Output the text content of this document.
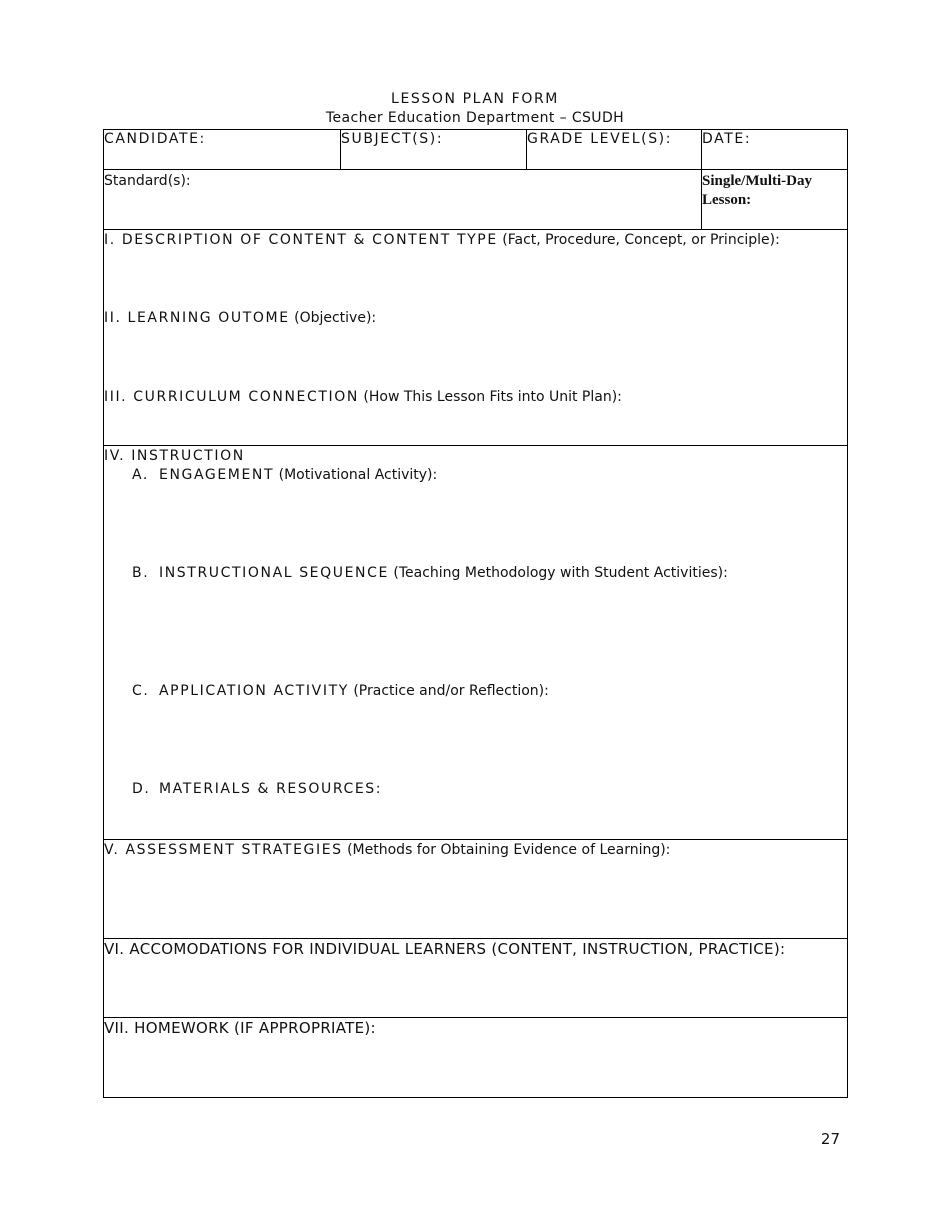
LESSON PLAN FORM
Teacher Education Department – CSUDH
CANDIDATE:	SUBJECT(S):	GRADE LEVEL(S):	DATE:
Standard(s):			Single/Multi-Day Lesson:

I. DESCRIPTION OF CONTENT & CONTENT TYPE (Fact, Procedure, Concept, or Principle):
II. LEARNING OUTOME (Objective):
III. CURRICULUM CONNECTION (How This Lesson Fits into Unit Plan):			

IV. INSTRUCTION
A. ENGAGEMENT (Motivational Activity):
B. INSTRUCTIONAL SEQUENCE (Teaching Methodology with Student Activities):
C. APPLICATION ACTIVITY (Practice and/or Reflection):
D. MATERIALS & RESOURCES:			

V. ASSESSMENT STRATEGIES (Methods for Obtaining Evidence of Learning):			

VI. ACCOMODATIONS FOR INDIVIDUAL LEARNERS (CONTENT, INSTRUCTION, PRACTICE):			

VII. HOMEWORK (IF APPROPRIATE):			
27
